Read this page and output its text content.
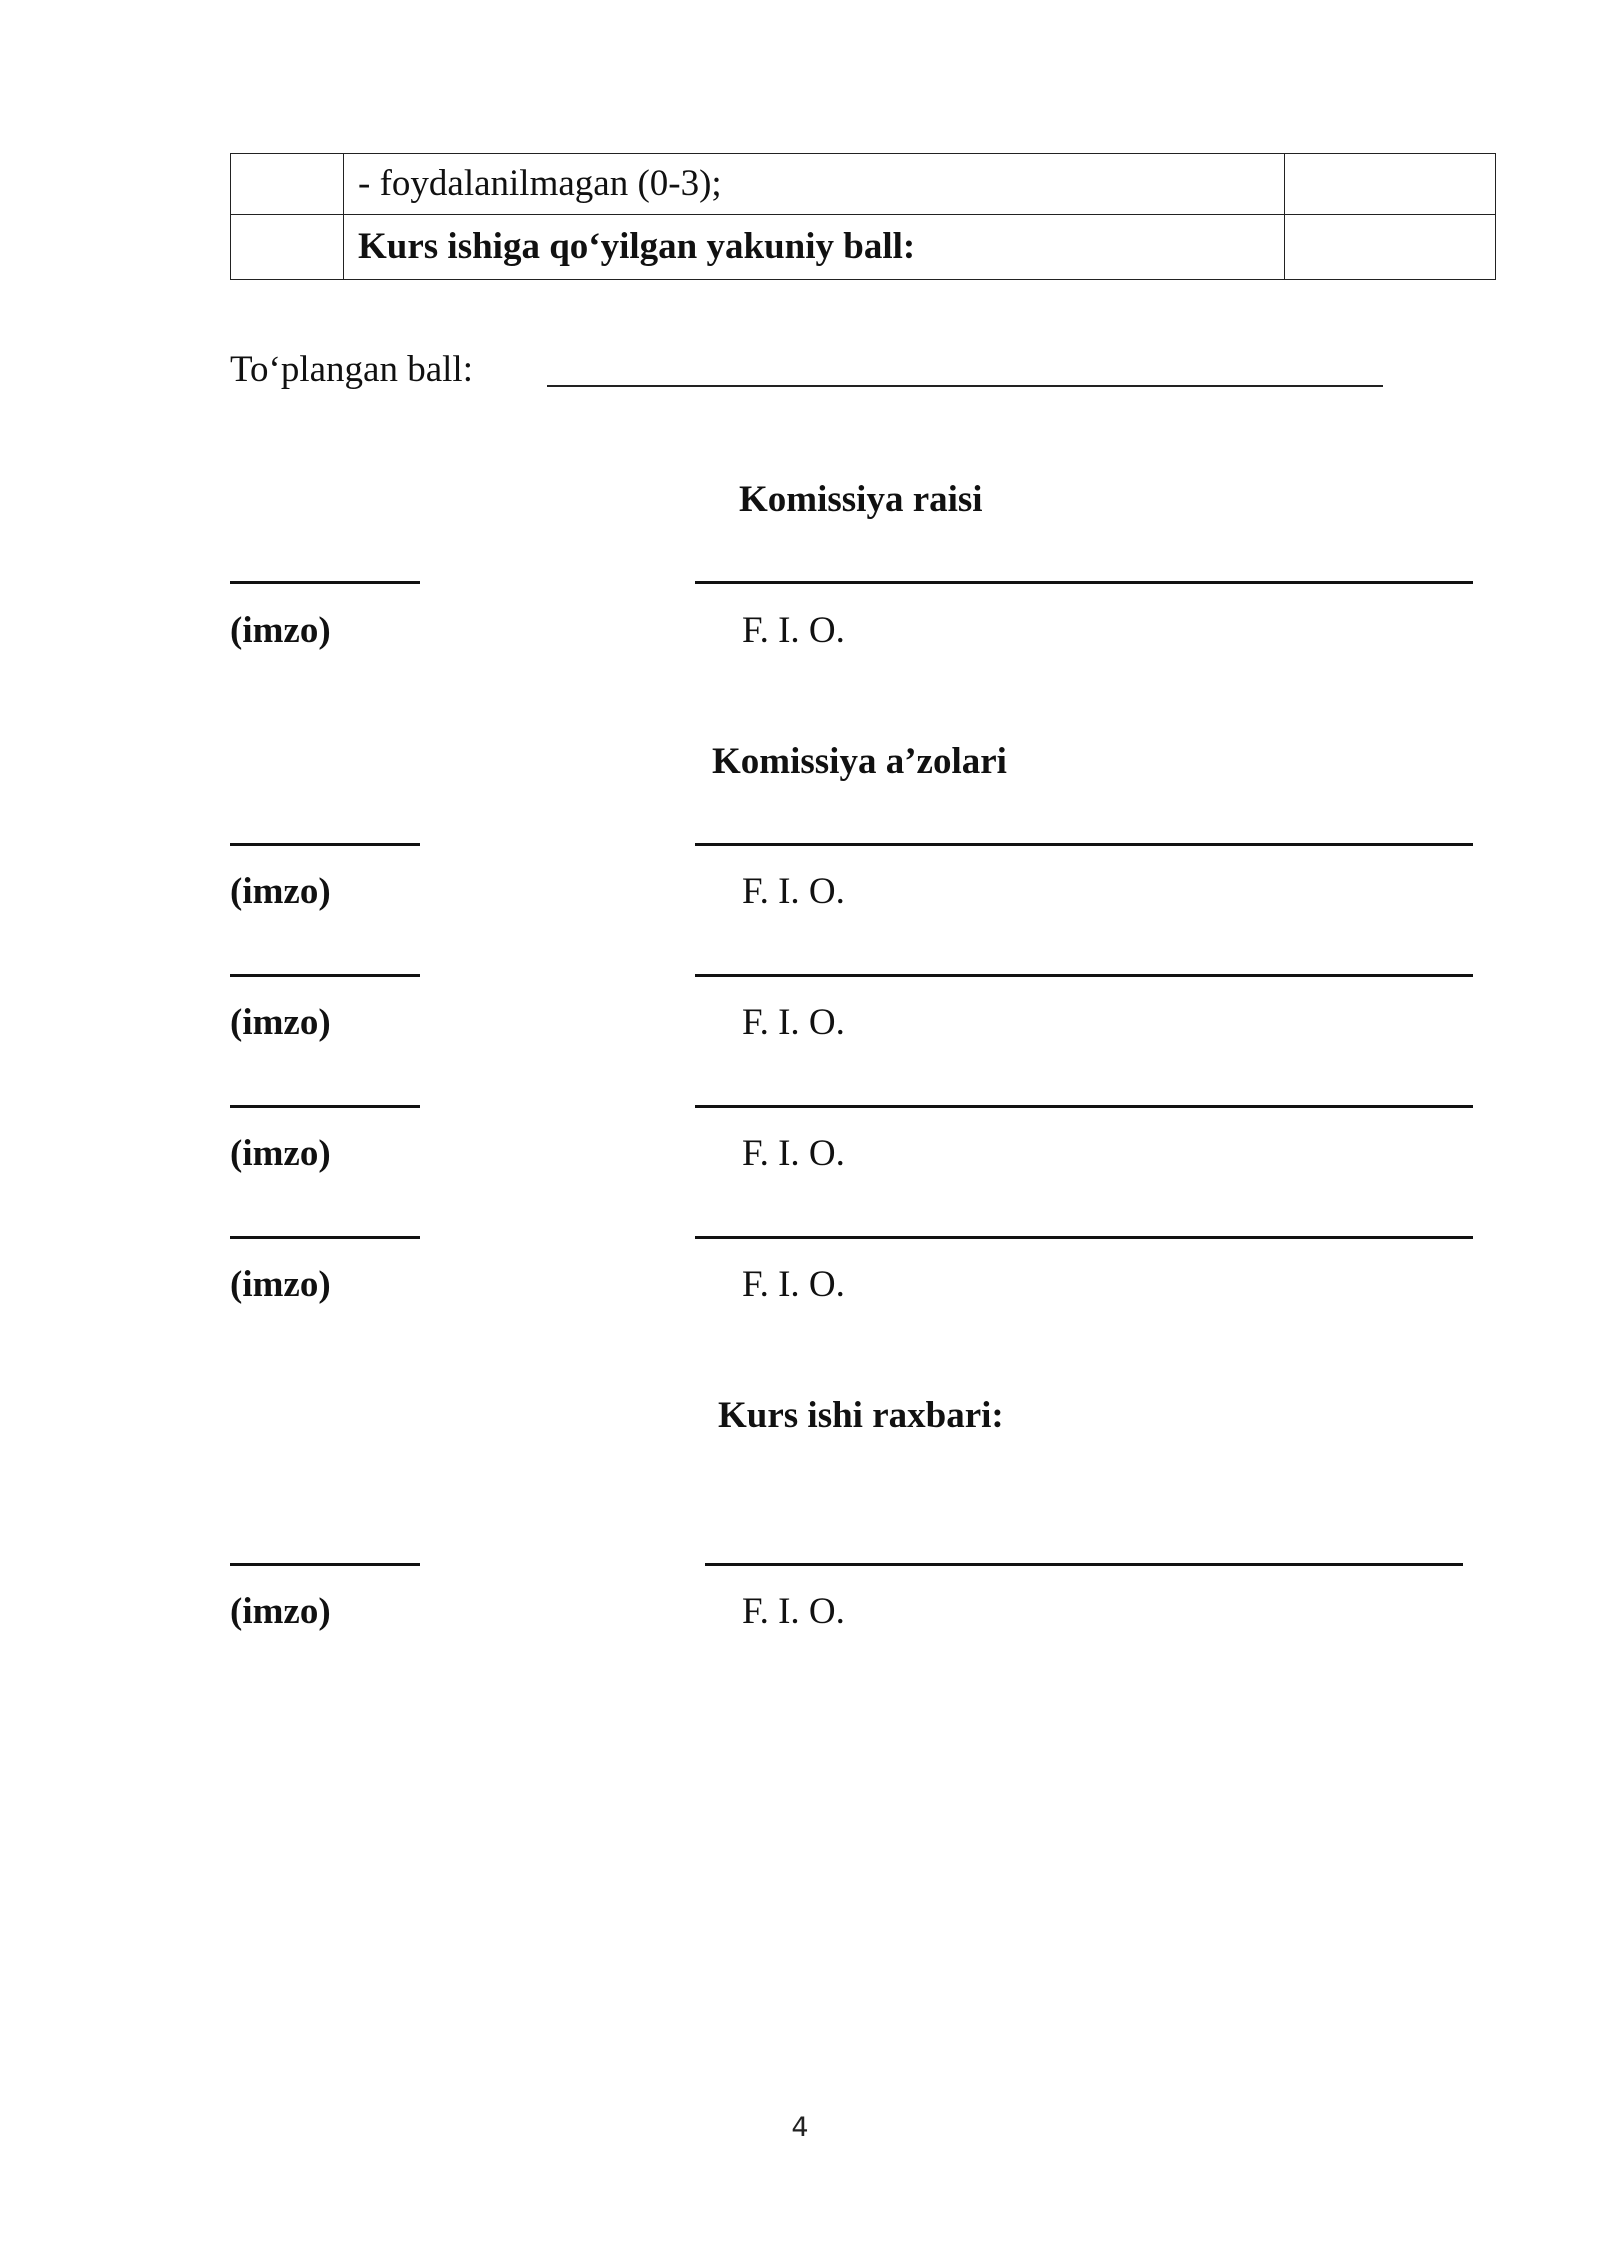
	- foydalanilmagan (0-3);	
	Kurs ishiga qo‘yilgan yakuniy ball:	
To‘plangan ball:
Komissiya raisi
(imzo)	F. I. O.
Komissiya a’zolari
(imzo)	F. I. O.
(imzo)	F. I. O.
(imzo)	F. I. O.
(imzo)	F. I. O.
Kurs ishi raxbari:
(imzo)	F. I. O.
4
